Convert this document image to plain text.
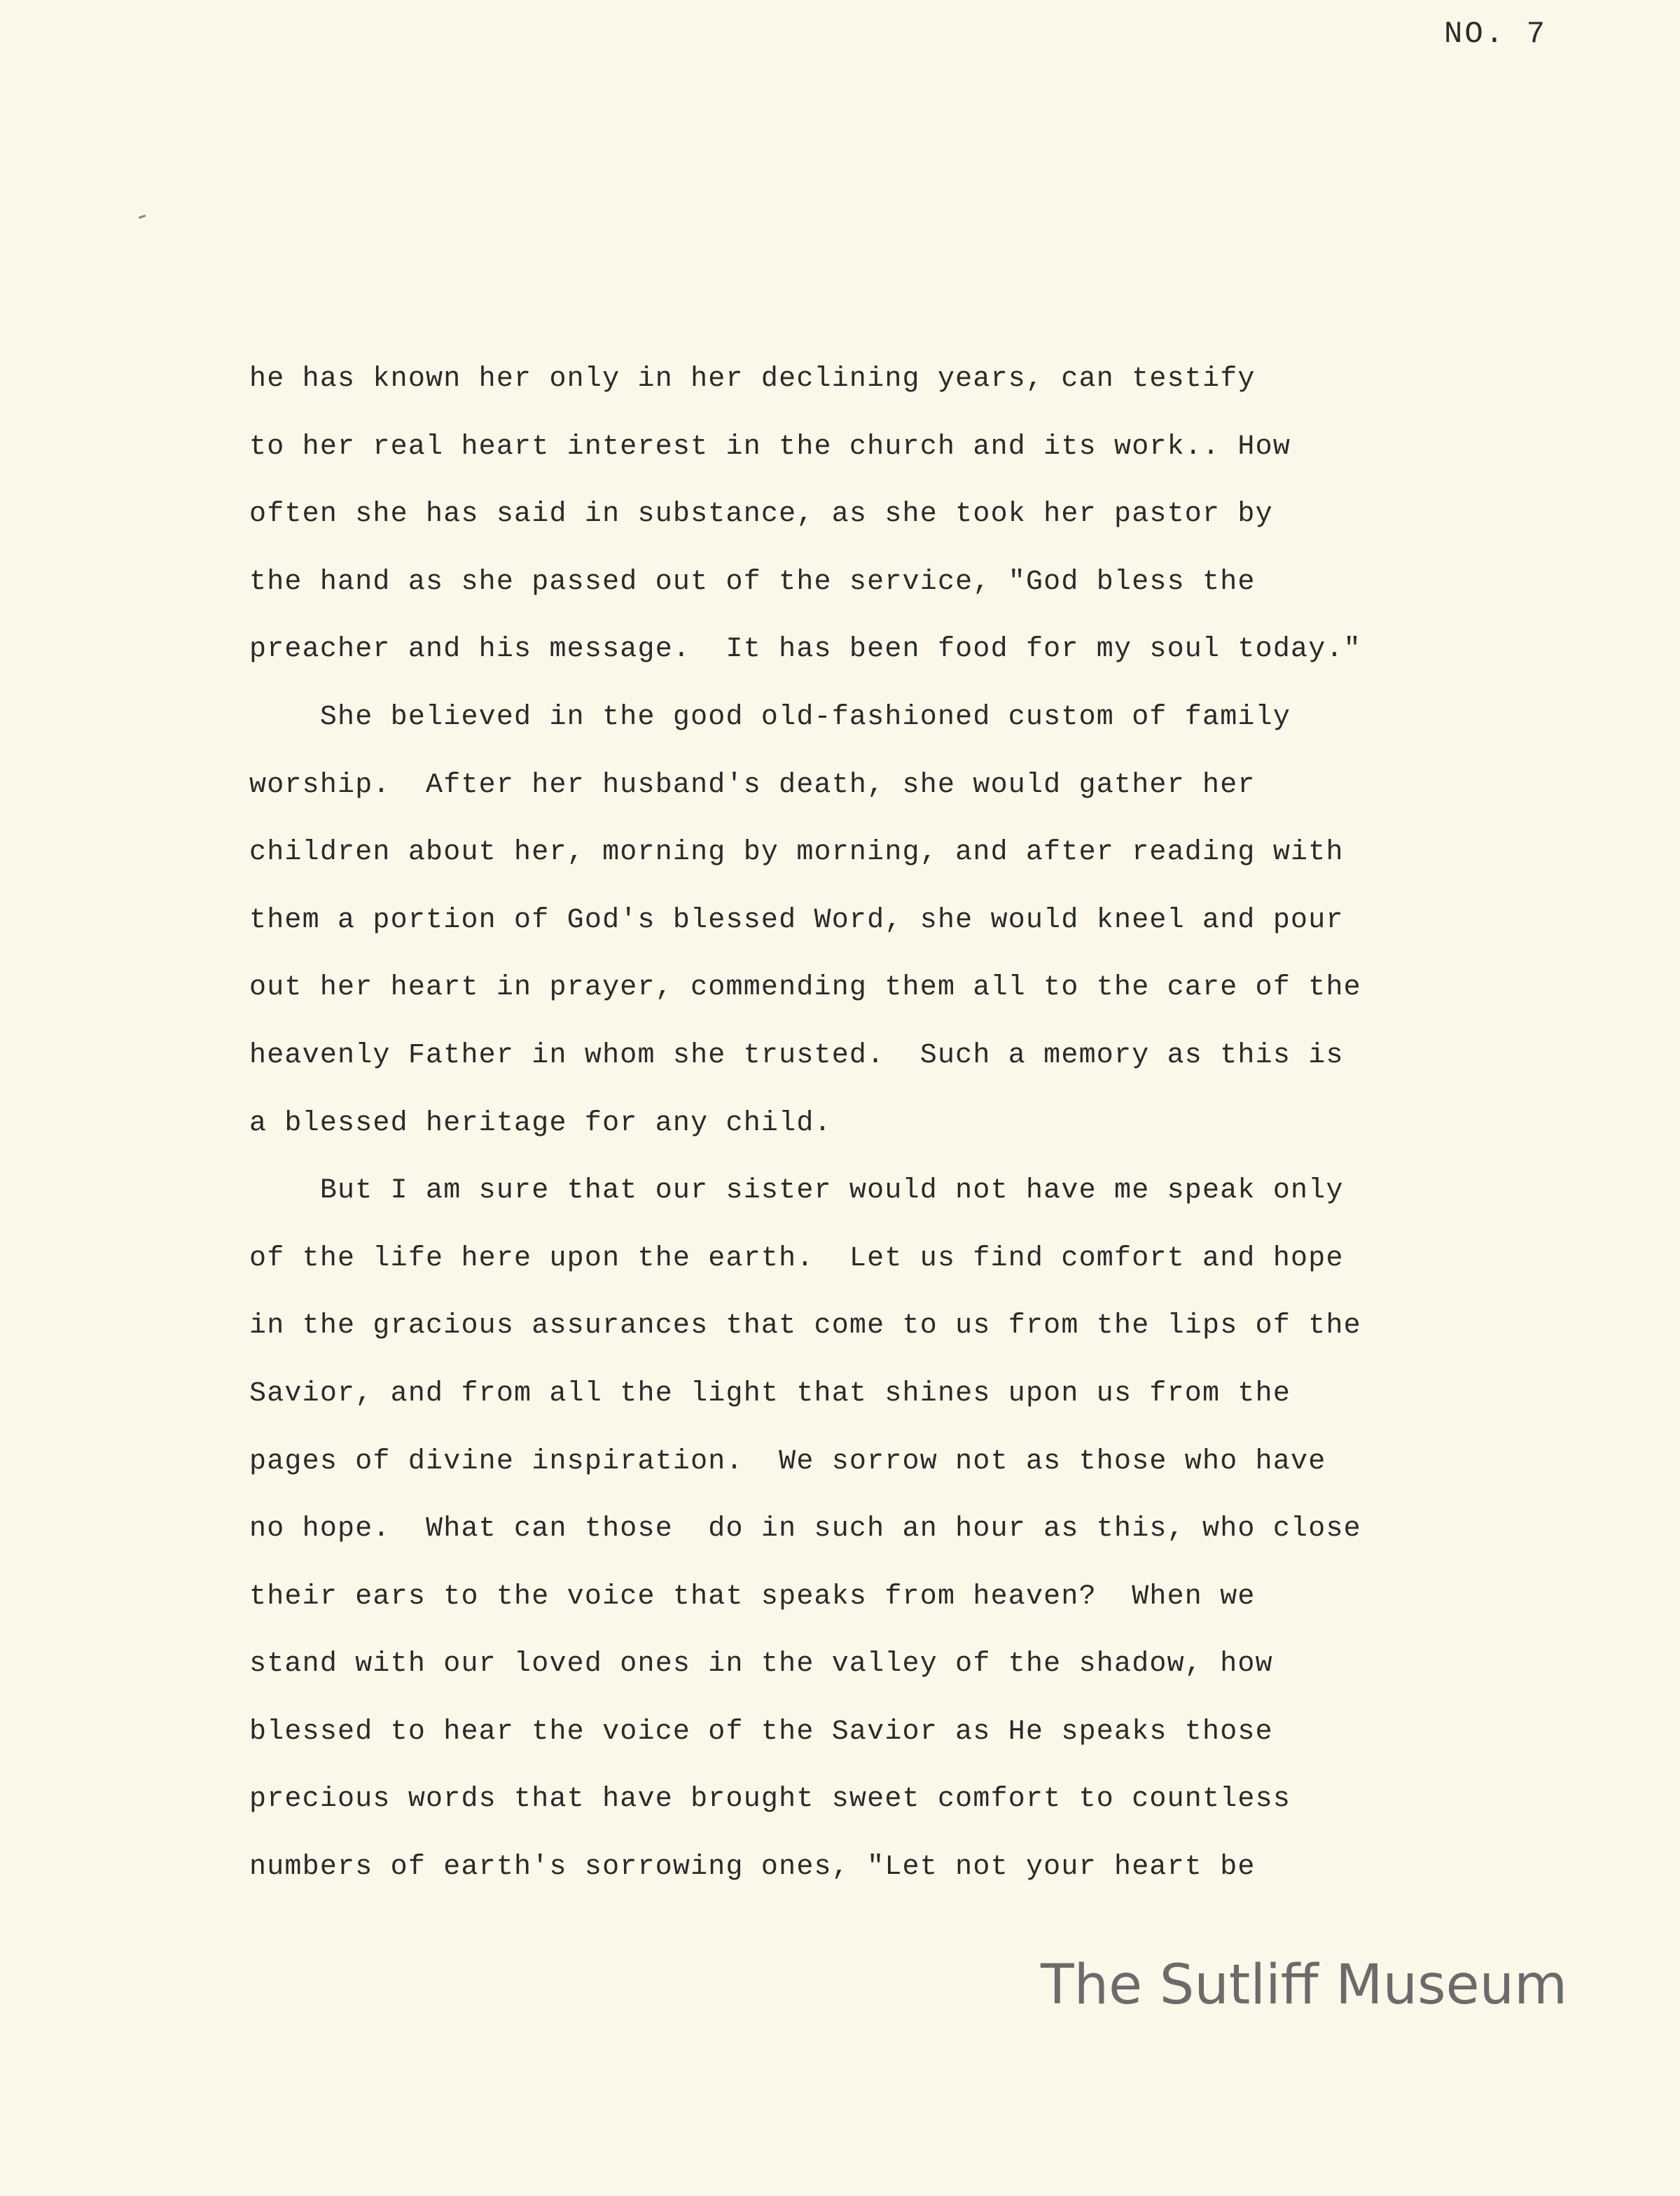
NO. 7
he has known her only in her declining years, can testify
to her real heart interest in the church and its work.. How
often she has said in substance, as she took her pastor by
the hand as she passed out of the service, "God bless the
preacher and his message.  It has been food for my soul today."
She believed in the good old-fashioned custom of family
worship.  After her husband's death, she would gather her
children about her, morning by morning, and after reading with
them a portion of God's blessed Word, she would kneel and pour
out her heart in prayer, commending them all to the care of the
heavenly Father in whom she trusted.  Such a memory as this is
a blessed heritage for any child.
But I am sure that our sister would not have me speak only
of the life here upon the earth.  Let us find comfort and hope
in the gracious assurances that come to us from the lips of the
Savior, and from all the light that shines upon us from the
pages of divine inspiration.  We sorrow not as those who have
no hope.  What can those  do in such an hour as this, who close
their ears to the voice that speaks from heaven?  When we
stand with our loved ones in the valley of the shadow, how
blessed to hear the voice of the Savior as He speaks those
precious words that have brought sweet comfort to countless
numbers of earth's sorrowing ones, "Let not your heart be
The Sutliff Museum
